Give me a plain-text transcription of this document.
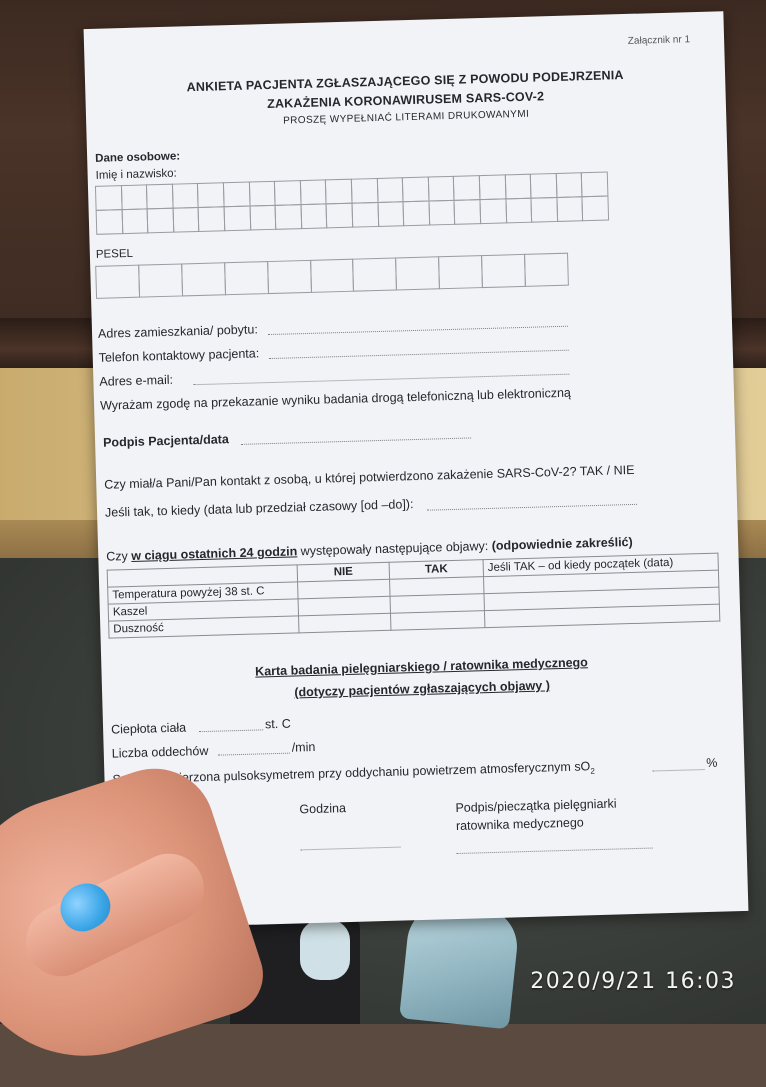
Załącznik nr 1
ANKIETA PACJENTA ZGŁASZAJĄCEGO SIĘ Z POWODU PODEJRZENIA
ZAKAŻENIA KORONAWIRUSEM SARS-COV-2
PROSZĘ WYPEŁNIAĆ LITERAMI DRUKOWANYMI
Dane osobowe:
Imię i nazwisko:
PESEL
Adres zamieszkania/ pobytu:
Telefon kontaktowy pacjenta:
Adres e-mail:
Wyrażam zgodę na przekazanie wyniku badania drogą telefoniczną lub elektroniczną
Podpis Pacjenta/data
Czy miał/a Pani/Pan kontakt z osobą, u której potwierdzono zakażenie SARS-CoV-2? TAK / NIE
Jeśli tak, to kiedy (data lub przedział czasowy [od –do]):
Czy w ciągu ostatnich 24 godzin występowały następujące objawy: (odpowiednie zakreślić)
	NIE	TAK	Jeśli TAK – od kiedy początek (data)
Temperatura powyżej 38 st. C			
Kaszel			
Duszność			
Karta badania pielęgniarskiego / ratownika medycznego
(dotyczy pacjentów zgłaszających objawy )
Ciepłota ciała	st. C
Liczba oddechów	/min
Saturacja mierzona pulsoksymetrem przy oddychaniu powietrzem atmosferycznym $sO_2$
%
Godzina	Podpis/pieczątka pielęgniarki
ratownika medycznego
2020/9/21 16:03
